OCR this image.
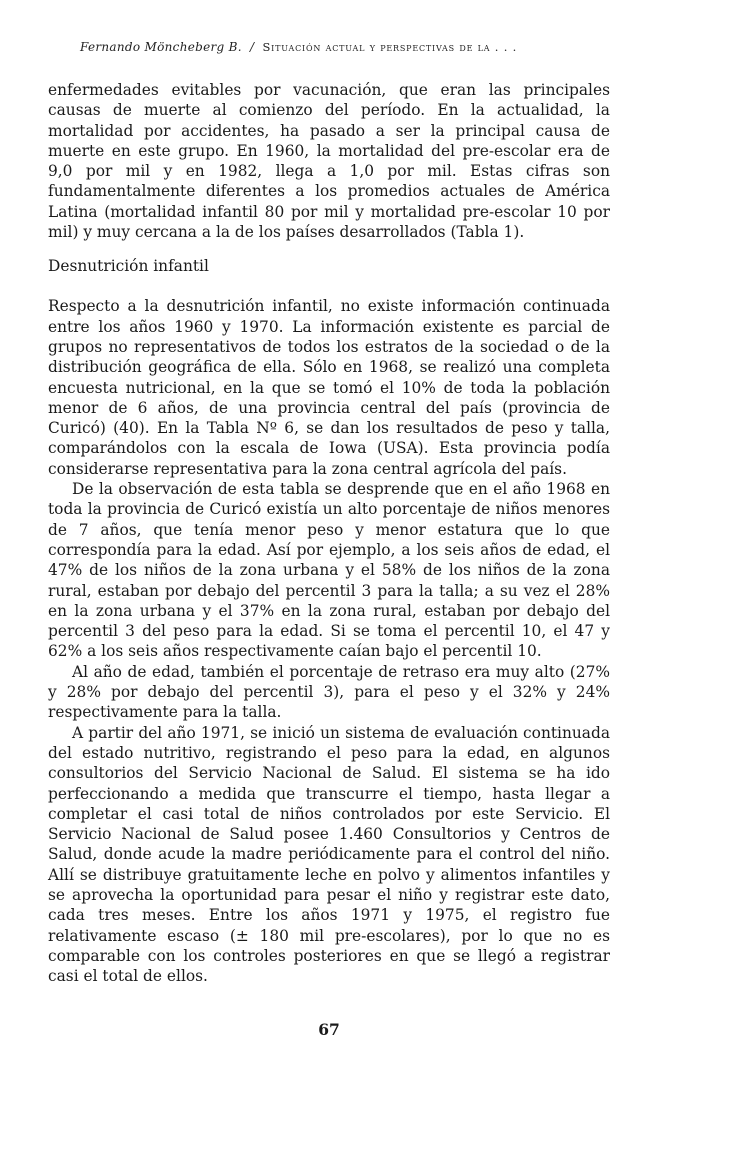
Fernando Möncheberg B. / Situación actual y perspectivas de la . . .

enfermedades evitables por vacunación, que eran las principales causas de muerte al comienzo del período. En la actualidad, la mortalidad por accidentes, ha pasado a ser la principal causa de muerte en este grupo. En 1960, la mortalidad del pre-escolar era de 9,0 por mil y en 1982, llega a 1,0 por mil. Estas cifras son fundamentalmente diferentes a los promedios actuales de América Latina (mortalidad infantil 80 por mil y mortalidad pre-escolar 10 por mil) y muy cercana a la de los países desarrollados (Tabla 1).

Desnutrición infantil

Respecto a la desnutrición infantil, no existe información continuada entre los años 1960 y 1970. La información existente es parcial de grupos no representativos de todos los estratos de la sociedad o de la distribución geográfica de ella. Sólo en 1968, se realizó una completa encuesta nutricional, en la que se tomó el 10% de toda la población menor de 6 años, de una provincia central del país (provincia de Curicó) (40). En la Tabla Nº 6, se dan los resultados de peso y talla, comparándolos con la escala de Iowa (USA). Esta provincia podía considerarse representativa para la zona central agrícola del país.

De la observación de esta tabla se desprende que en el año 1968 en toda la provincia de Curicó existía un alto porcentaje de niños menores de 7 años, que tenía menor peso y menor estatura que lo que correspondía para la edad. Así por ejemplo, a los seis años de edad, el 47% de los niños de la zona urbana y el 58% de los niños de la zona rural, estaban por debajo del percentil 3 para la talla; a su vez el 28% en la zona urbana y el 37% en la zona rural, estaban por debajo del percentil 3 del peso para la edad. Si se toma el percentil 10, el 47 y 62% a los seis años respectivamente caían bajo el percentil 10.

Al año de edad, también el porcentaje de retraso era muy alto (27% y 28% por debajo del percentil 3), para el peso y el 32% y 24% respectivamente para la talla.

A partir del año 1971, se inició un sistema de evaluación continuada del estado nutritivo, registrando el peso para la edad, en algunos consultorios del Servicio Nacional de Salud. El sistema se ha ido perfeccionando a medida que transcurre el tiempo, hasta llegar a completar el casi total de niños controlados por este Servicio. El Servicio Nacional de Salud posee 1.460 Consultorios y Centros de Salud, donde acude la madre periódicamente para el control del niño. Allí se distribuye gratuitamente leche en polvo y alimentos infantiles y se aprovecha la oportunidad para pesar el niño y registrar este dato, cada tres meses. Entre los años 1971 y 1975, el registro fue relativamente escaso (± 180 mil pre-escolares), por lo que no es comparable con los controles posteriores en que se llegó a registrar casi el total de ellos.

67
